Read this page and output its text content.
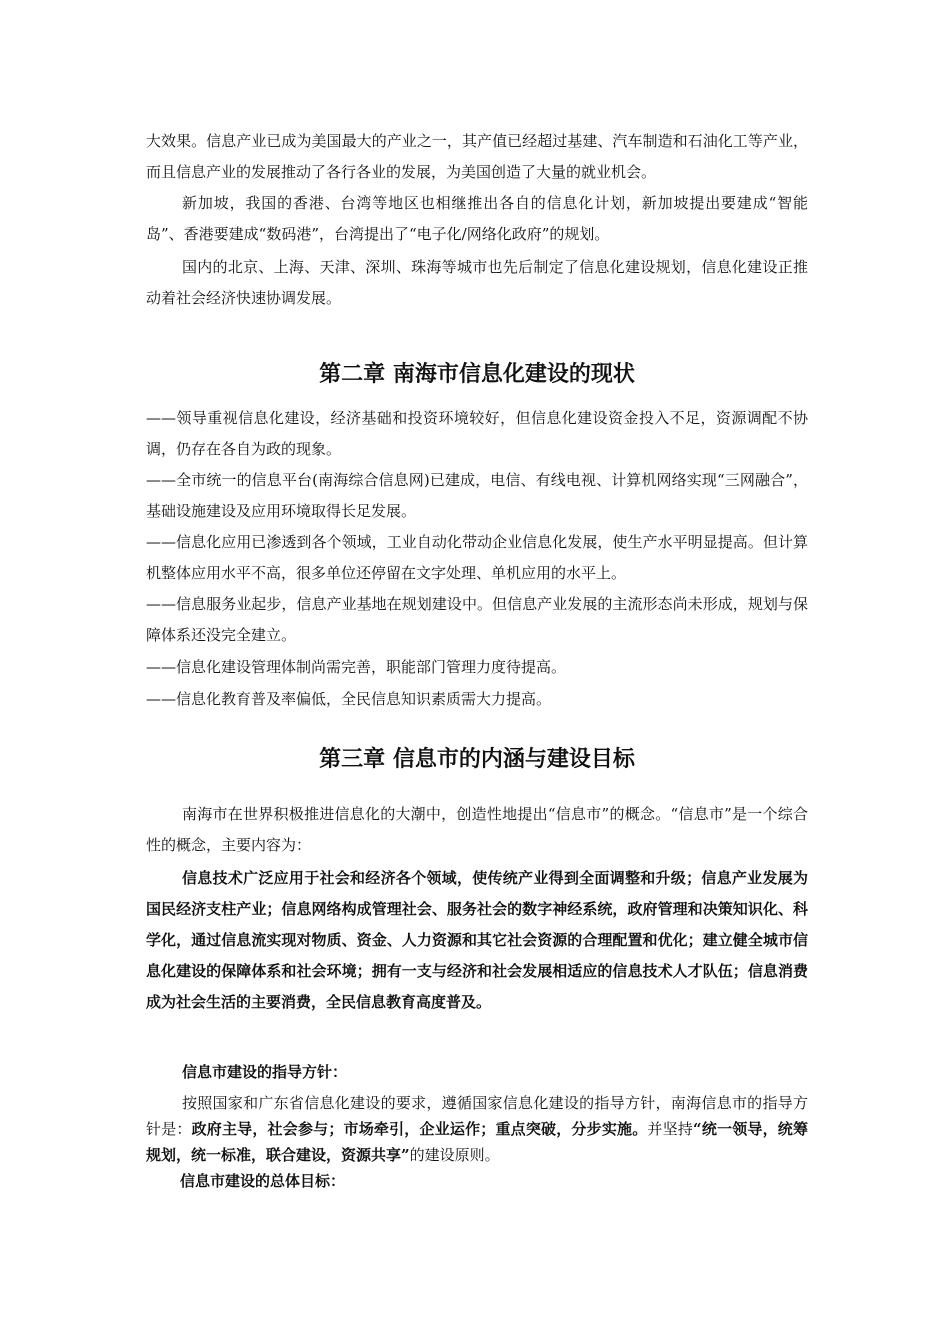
大效果。信息产业已成为美国最大的产业之一，其产值已经超过基建、汽车制造和石油化工等产业，而且信息产业的发展推动了各行各业的发展，为美国创造了大量的就业机会。

新加坡，我国的香港、台湾等地区也相继推出各自的信息化计划，新加坡提出要建成“智能岛”、香港要建成“数码港”，台湾提出了“电子化/网络化政府”的规划。

国内的北京、上海、天津、深圳、珠海等城市也先后制定了信息化建设规划，信息化建设正推动着社会经济快速协调发展。

第二章 南海市信息化建设的现状

——领导重视信息化建设，经济基础和投资环境较好，但信息化建设资金投入不足，资源调配不协调，仍存在各自为政的现象。

——全市统一的信息平台(南海综合信息网)已建成，电信、有线电视、计算机网络实现“三网融合”，基础设施建设及应用环境取得长足发展。

——信息化应用已渗透到各个领域，工业自动化带动企业信息化发展，使生产水平明显提高。但计算机整体应用水平不高，很多单位还停留在文字处理、单机应用的水平上。

——信息服务业起步，信息产业基地在规划建设中。但信息产业发展的主流形态尚未形成，规划与保障体系还没完全建立。

——信息化建设管理体制尚需完善，职能部门管理力度待提高。

——信息化教育普及率偏低，全民信息知识素质需大力提高。

第三章 信息市的内涵与建设目标

南海市在世界积极推进信息化的大潮中，创造性地提出“信息市”的概念。“信息市”是一个综合性的概念，主要内容为：

信息技术广泛应用于社会和经济各个领域，使传统产业得到全面调整和升级；信息产业发展为国民经济支柱产业；信息网络构成管理社会、服务社会的数字神经系统，政府管理和决策知识化、科学化，通过信息流实现对物质、资金、人力资源和其它社会资源的合理配置和优化；建立健全城市信息化建设的保障体系和社会环境；拥有一支与经济和社会发展相适应的信息技术人才队伍；信息消费成为社会生活的主要消费，全民信息教育高度普及。

信息市建设的指导方针：

按照国家和广东省信息化建设的要求，遵循国家信息化建设的指导方针，南海信息市的指导方针是：政府主导，社会参与；市场牵引，企业运作；重点突破，分步实施。并坚持“统一领导，统筹规划，统一标准，联合建设，资源共享”的建设原则。

信息市建设的总体目标：
